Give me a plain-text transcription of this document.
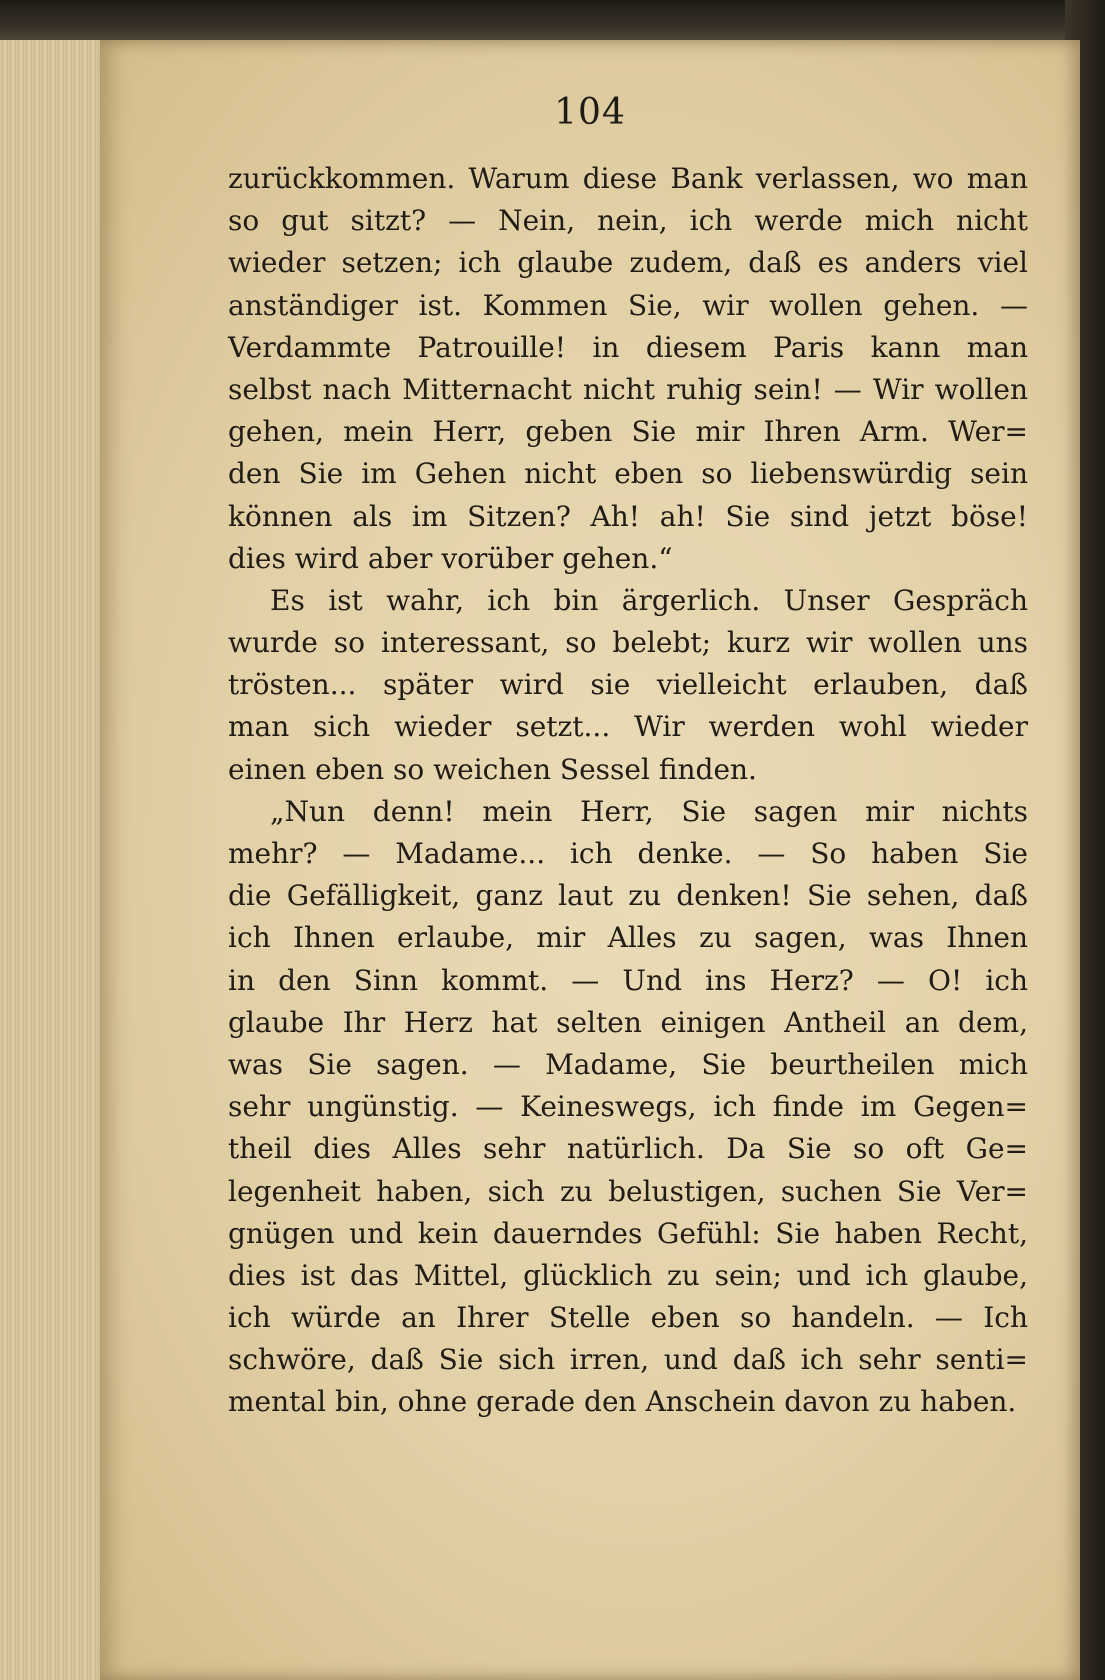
104
zurückkommen. Warum diese Bank verlassen, wo man
so gut sitzt? — Nein, nein, ich werde mich nicht
wieder setzen; ich glaube zudem, daß es anders viel
anständiger ist. Kommen Sie, wir wollen gehen. —
Verdammte Patrouille! in diesem Paris kann man
selbst nach Mitternacht nicht ruhig sein! — Wir wollen
gehen, mein Herr, geben Sie mir Ihren Arm. Wer=
den Sie im Gehen nicht eben so liebenswürdig sein
können als im Sitzen? Ah! ah! Sie sind jetzt böse!
dies wird aber vorüber gehen.“
Es ist wahr, ich bin ärgerlich. Unser Gespräch
wurde so interessant, so belebt; kurz wir wollen uns
trösten... später wird sie vielleicht erlauben, daß
man sich wieder setzt... Wir werden wohl wieder
einen eben so weichen Sessel finden.
„Nun denn! mein Herr, Sie sagen mir nichts
mehr? — Madame... ich denke. — So haben Sie
die Gefälligkeit, ganz laut zu denken! Sie sehen, daß
ich Ihnen erlaube, mir Alles zu sagen, was Ihnen
in den Sinn kommt. — Und ins Herz? — O! ich
glaube Ihr Herz hat selten einigen Antheil an dem,
was Sie sagen. — Madame, Sie beurtheilen mich
sehr ungünstig. — Keineswegs, ich finde im Gegen=
theil dies Alles sehr natürlich. Da Sie so oft Ge=
legenheit haben, sich zu belustigen, suchen Sie Ver=
gnügen und kein dauerndes Gefühl: Sie haben Recht,
dies ist das Mittel, glücklich zu sein; und ich glaube,
ich würde an Ihrer Stelle eben so handeln. — Ich
schwöre, daß Sie sich irren, und daß ich sehr senti=
mental bin, ohne gerade den Anschein davon zu haben.
